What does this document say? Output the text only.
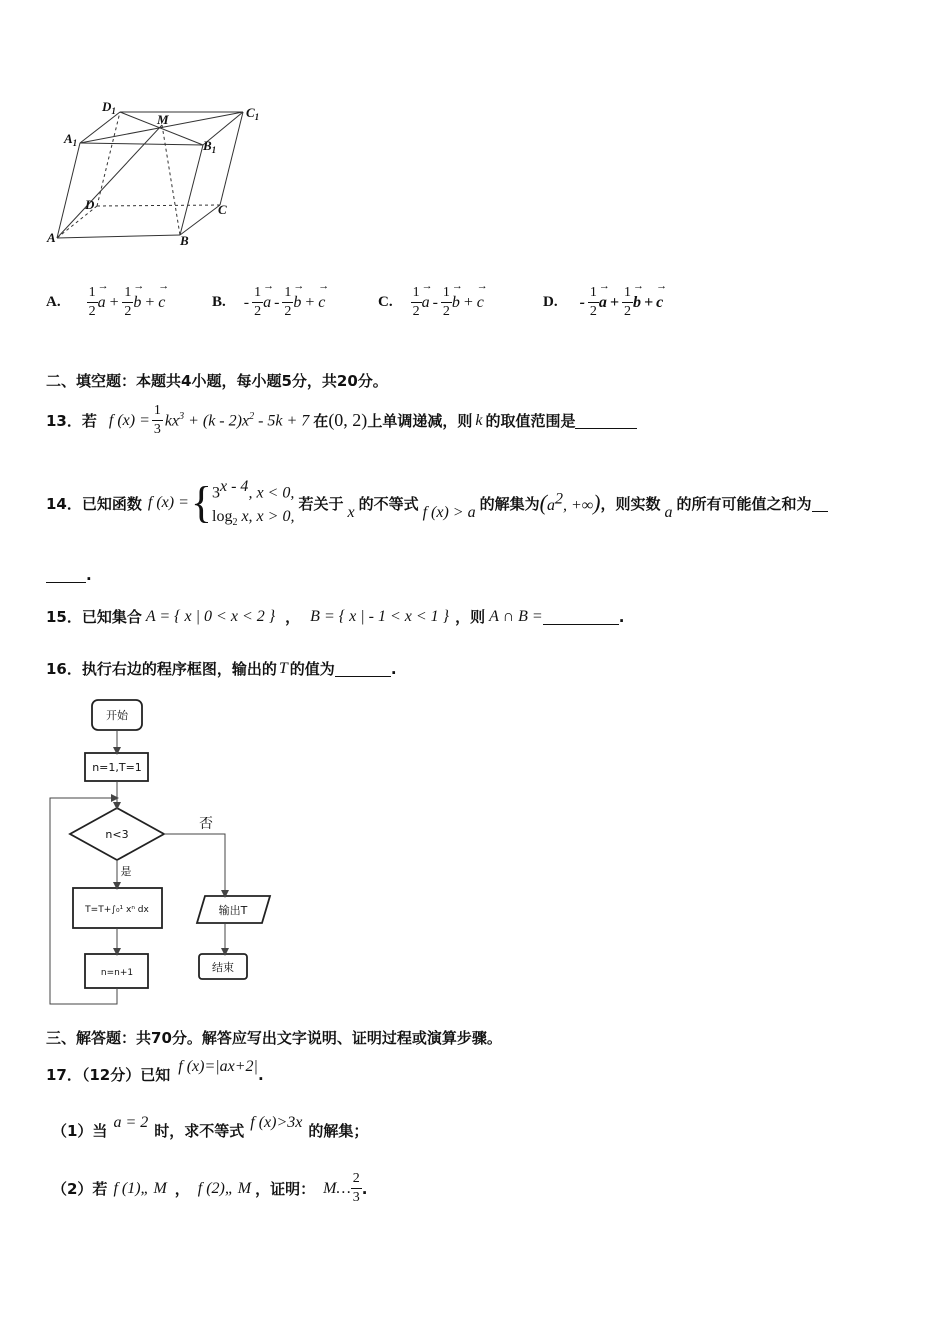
$D_1$	$C_1$
$A_1$	$B_1$
M
D	C
A	B
A. $\frac{1}{2}$
→ $a + \frac{1}{2}$
→ b +
→ c	B. - $\frac{1}{2}$
→ a - $\frac{1}{2}$
→ b +
→ c	C. $\frac{1}{2}$
→ a - $\frac{1}{2}$
→ b +
→ c	D. - $\frac{1}{2}$
→ $a + \frac{1}{2}$
→ b +
→ c
二、填空题：本题共4小题，每小题5分，共20分。
13．若 f $(x) = \frac{1}{3} kx^3 + (k - 2)x^2 - 5k + 7$ 在 (0, 2) 上单调递减，则 k 的取值范围是
14．已知函数 f (x) = { 3$^{x - 4}$, x < 0,
$\log_2 x$, x > 0,
若关于 x 的不等式 f (x) > a 的解集为 ($a^2$, +∞) ，则实数 a 的所有可能值之和为
.
15．已知集合 A = { x | 0 < x < 2 } ， B = { x | - 1 < x < 1 } ，则 A ∩ B =	.
16．执行右边的程序框图，输出的 T 的值为	.
开始
n=1,T=1
n<3
否
是
T=T+∫₀¹ xⁿ dx
n=n+1
输出T
结束
三、解答题：共70分。解答应写出文字说明、证明过程或演算步骤。
17．（12分）已知 f (x)=|ax+2| .
（1）当 a = 2 时，求不等式 f (x)>3x 的解集；
（2）若 f (1)„ M ， f (2)„ M ，证明： M… $\frac{2}{3}$ .
